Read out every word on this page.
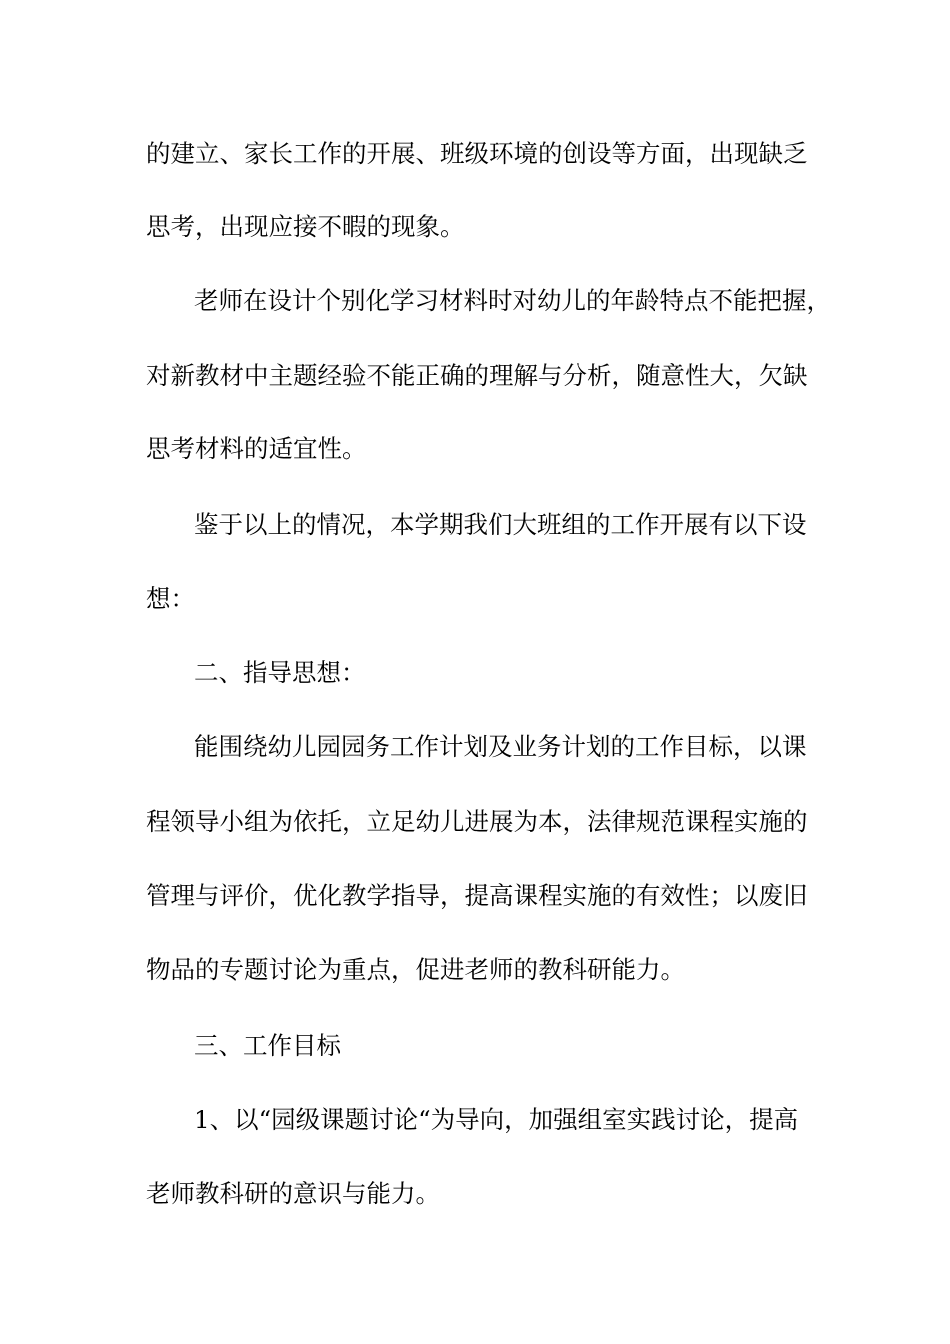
的建立、家长工作的开展、班级环境的创设等方面，出现缺乏

思考，出现应接不暇的现象。

老师在设计个别化学习材料时对幼儿的年龄特点不能把握，

对新教材中主题经验不能正确的理解与分析，随意性大，欠缺

思考材料的适宜性。

鉴于以上的情况，本学期我们大班组的工作开展有以下设

想：

二、指导思想：

能围绕幼儿园园务工作计划及业务计划的工作目标，以课

程领导小组为依托，立足幼儿进展为本，法律规范课程实施的

管理与评价，优化教学指导，提高课程实施的有效性；以废旧

物品的专题讨论为重点，促进老师的教科研能力。

三、工作目标

1、以“园级课题讨论“为导向，加强组室实践讨论，提高

老师教科研的意识与能力。
